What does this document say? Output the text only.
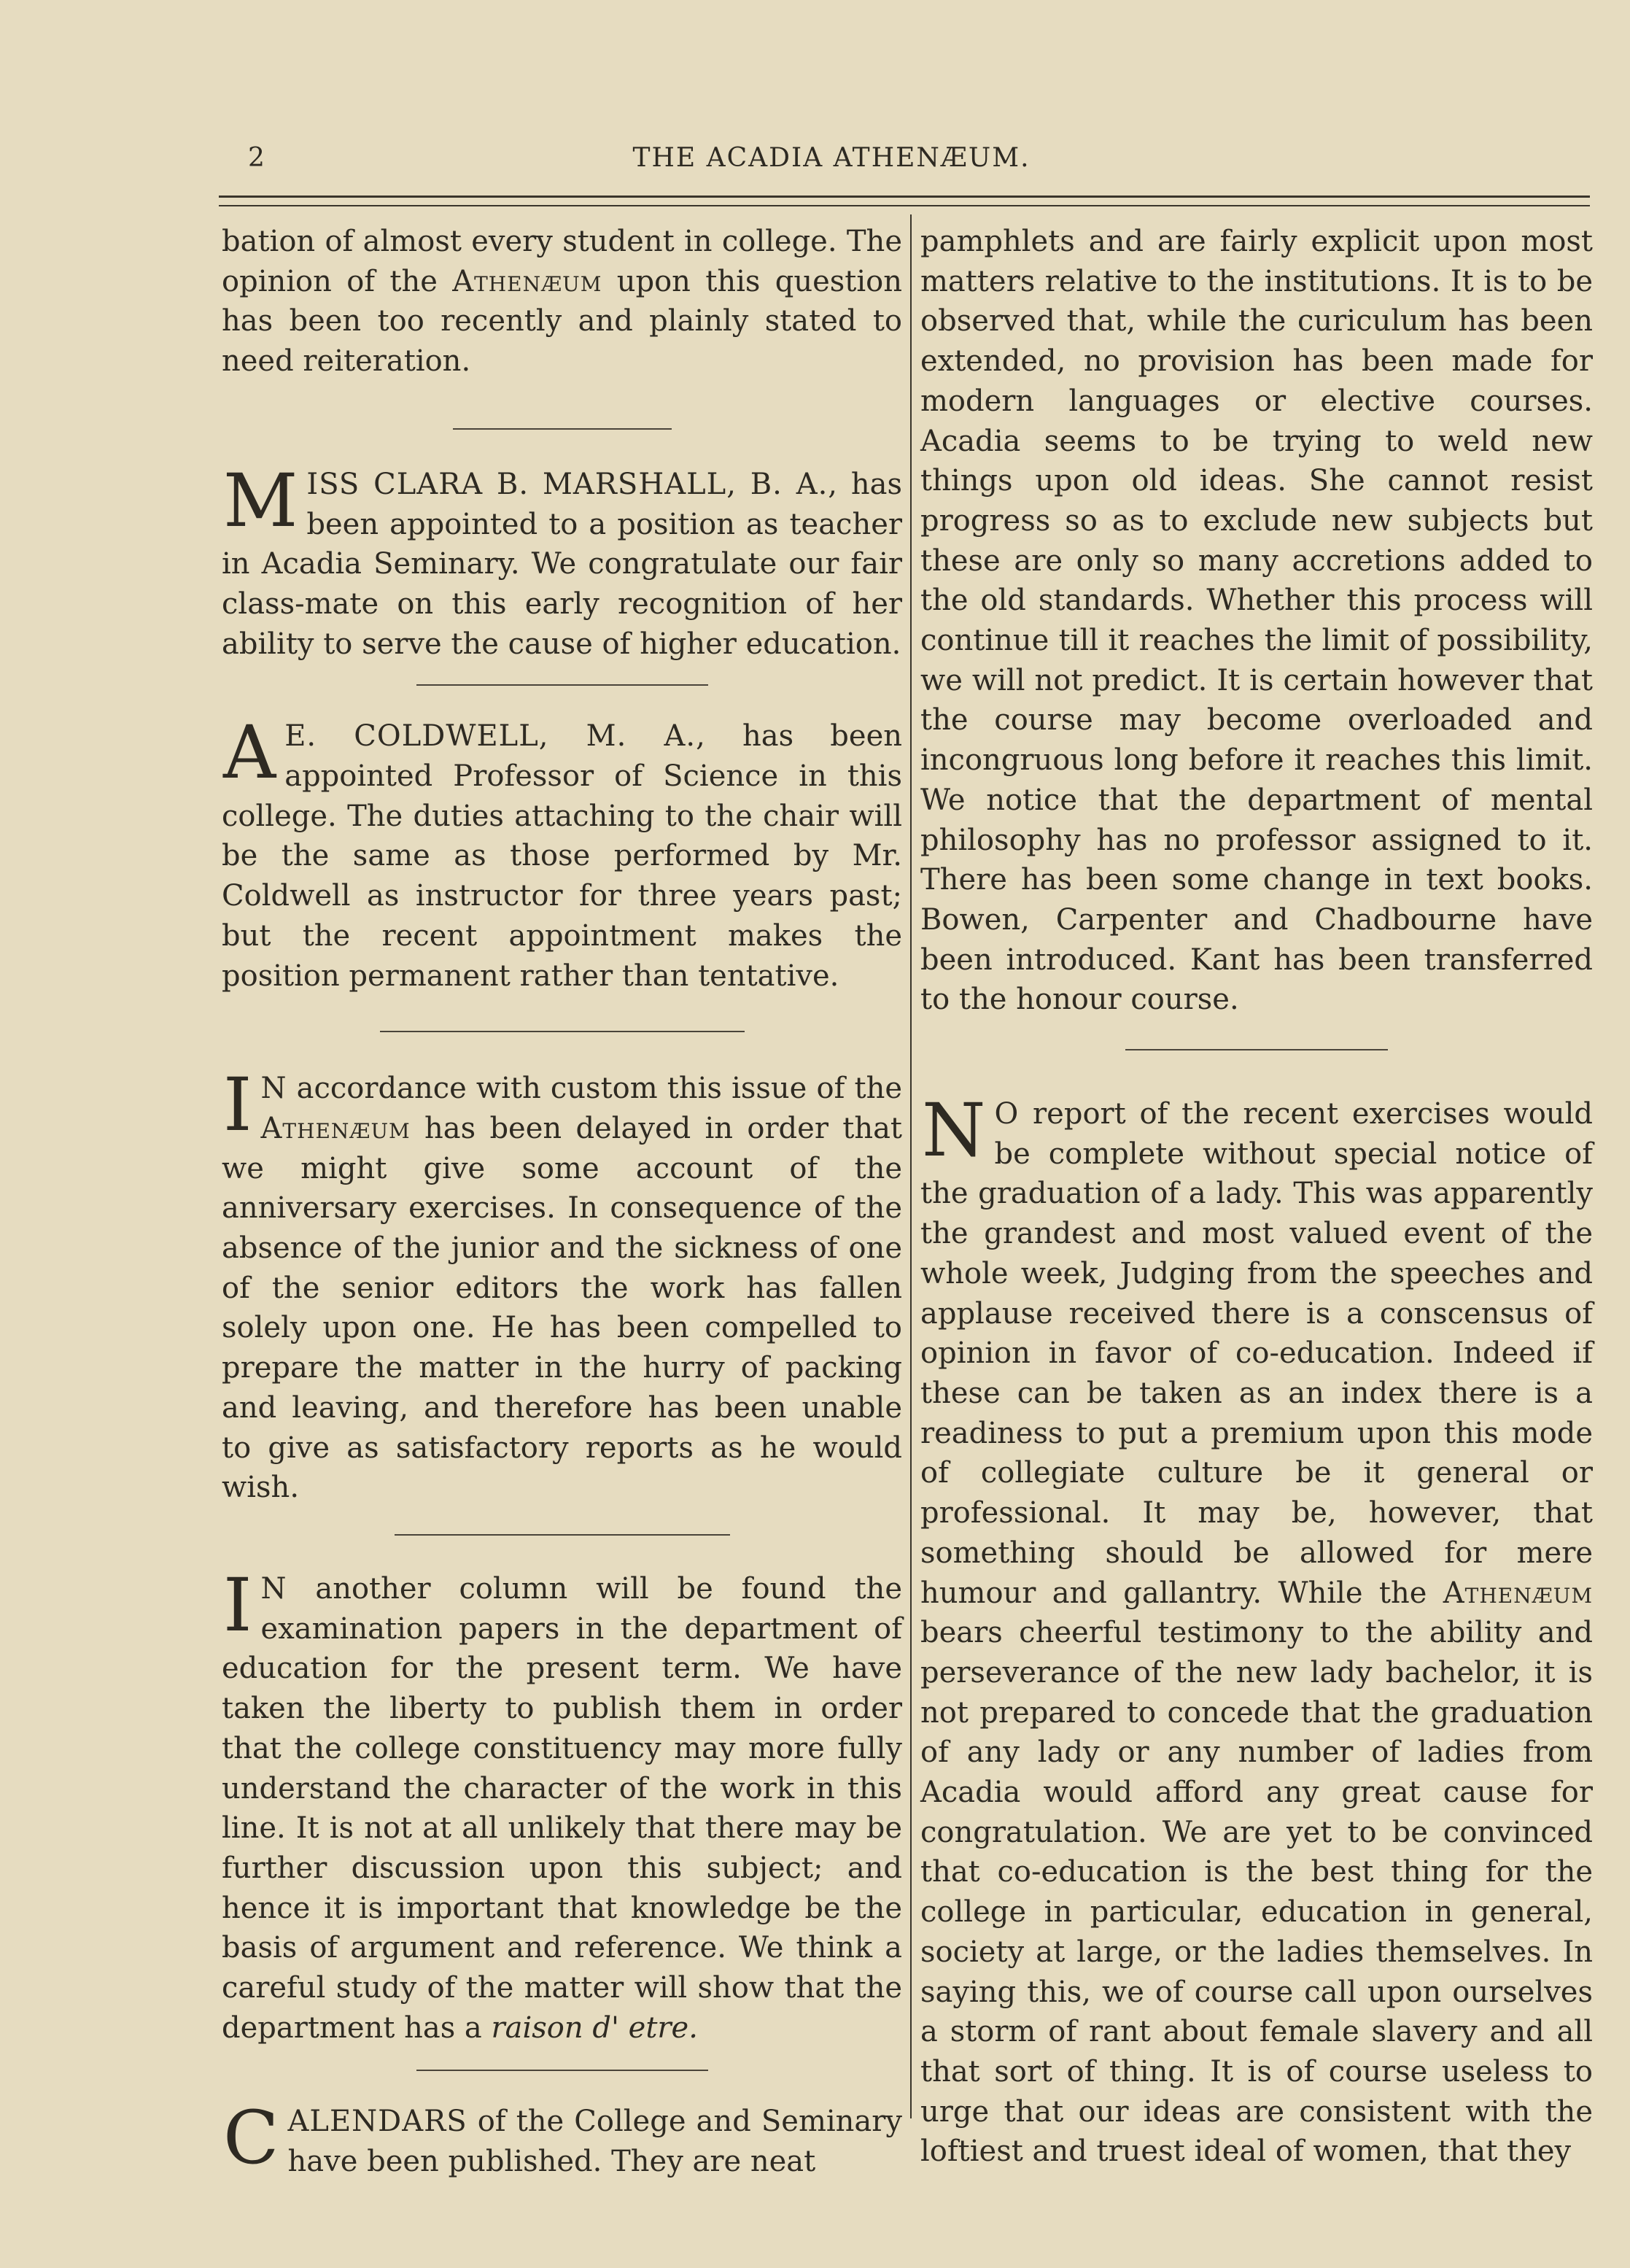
2	THE ACADIA ATHENÆUM.

bation of almost every student in college. The opinion of the Athenæum upon this question has been too recently and plainly stated to need reiteration.

MISS CLARA B. MARSHALL, B. A., has been appointed to a position as teacher in Acadia Seminary. We congratulate our fair class-mate on this early recognition of her ability to serve the cause of higher education.

A E. COLDWELL, M. A., has been appointed Professor of Science in this college. The duties attaching to the chair will be the same as those performed by Mr. Coldwell as instructor for three years past; but the recent appointment makes the position permanent rather than tentative.

I N accordance with custom this issue of the Athenæum has been delayed in order that we might give some account of the anniversary exercises. In consequence of the absence of the junior and the sickness of one of the senior editors the work has fallen solely upon one. He has been compelled to prepare the matter in the hurry of packing and leaving, and therefore has been unable to give as satisfactory reports as he would wish.

I N another column will be found the examination papers in the department of education for the present term. We have taken the liberty to publish them in order that the college constituency may more fully understand the character of the work in this line. It is not at all unlikely that there may be further discussion upon this subject; and hence it is important that knowledge be the basis of argument and reference. We think a careful study of the matter will show that the department has a raison d' etre.

CALENDARS of the College and Seminary have been published. They are neat

pamphlets and are fairly explicit upon most matters relative to the institutions. It is to be observed that, while the curiculum has been extended, no provision has been made for modern languages or elective courses. Acadia seems to be trying to weld new things upon old ideas. She cannot resist progress so as to exclude new subjects but these are only so many accretions added to the old standards. Whether this process will continue till it reaches the limit of possibility, we will not predict. It is certain however that the course may become overloaded and incongruous long before it reaches this limit. We notice that the department of mental philosophy has no professor assigned to it. There has been some change in text books. Bowen, Carpenter and Chadbourne have been introduced. Kant has been transferred to the honour course.

N O report of the recent exercises would be complete without special notice of the graduation of a lady. This was apparently the grandest and most valued event of the whole week, Judging from the speeches and applause received there is a conscensus of opinion in favor of co-education. Indeed if these can be taken as an index there is a readiness to put a premium upon this mode of collegiate culture be it general or professional. It may be, however, that something should be allowed for mere humour and gallantry. While the Athenæum bears cheerful testimony to the ability and perseverance of the new lady bachelor, it is not prepared to concede that the graduation of any lady or any number of ladies from Acadia would afford any great cause for congratulation. We are yet to be convinced that co-education is the best thing for the college in particular, education in general, society at large, or the ladies themselves. In saying this, we of course call upon ourselves a storm of rant about female slavery and all that sort of thing. It is of course useless to urge that our ideas are consistent with the loftiest and truest ideal of women, that they
